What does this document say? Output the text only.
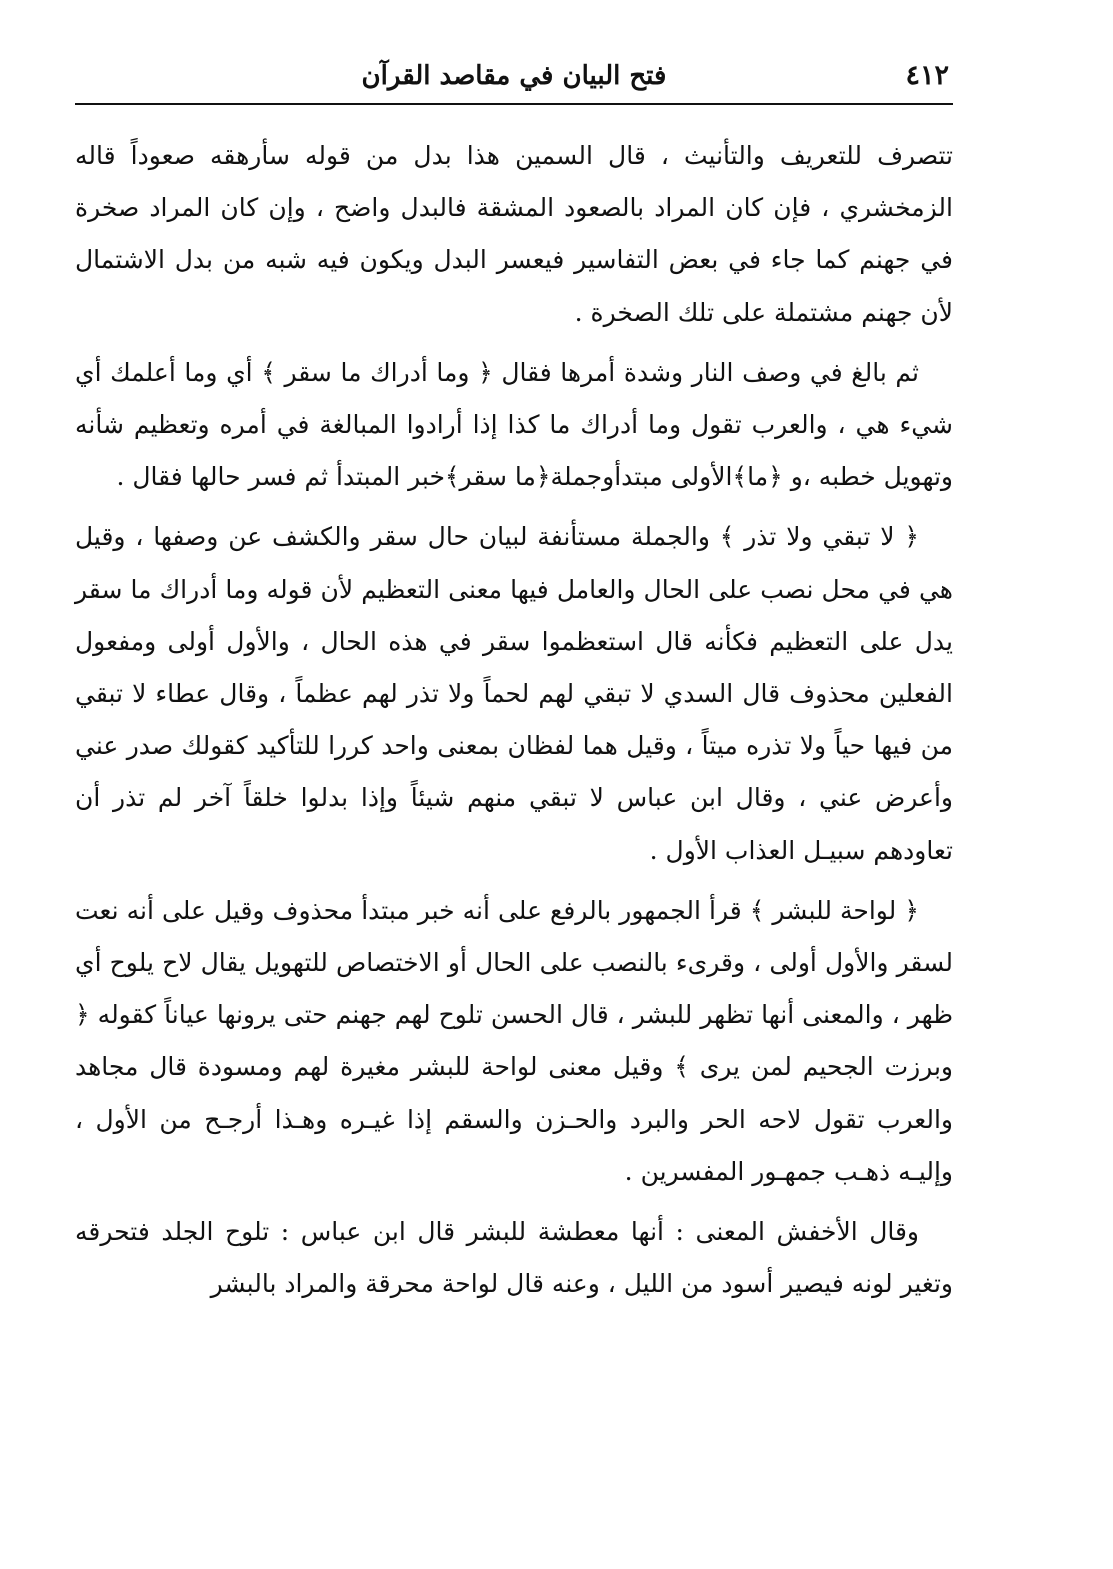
٤١٢
فتح البيان في مقاصد القرآن

تتصرف للتعريف والتأنيث ، قال السمين هذا بدل من قوله سأرهقه صعوداً قاله الزمخشري ، فإن كان المراد بالصعود المشقة فالبدل واضح ، وإن كان المراد صخرة في جهنم كما جاء في بعض التفاسير فيعسر البدل ويكون فيه شبه من بدل الاشتمال لأن جهنم مشتملة على تلك الصخرة .

ثم بالغ في وصف النار وشدة أمرها فقال ﴿ وما أدراك ما سقر ﴾ أي وما أعلمك أي شيء هي ، والعرب تقول وما أدراك ما كذا إذا أرادوا المبالغة في أمره وتعظيم شأنه وتهويل خطبه ،و ﴿ما﴾الأولى مبتدأوجملة﴿ما سقر﴾خبر المبتدأ ثم فسر حالها فقال .

﴿ لا تبقي ولا تذر ﴾ والجملة مستأنفة لبيان حال سقر والكشف عن وصفها ، وقيل هي في محل نصب على الحال والعامل فيها معنى التعظيم لأن قوله وما أدراك ما سقر يدل على التعظيم فكأنه قال استعظموا سقر في هذه الحال ، والأول أولى ومفعول الفعلين محذوف قال السدي لا تبقي لهم لحماً ولا تذر لهم عظماً ، وقال عطاء لا تبقي من فيها حياً ولا تذره ميتاً ، وقيل هما لفظان بمعنى واحد كررا للتأكيد كقولك صدر عني وأعرض عني ، وقال ابن عباس لا تبقي منهم شيئاً وإذا بدلوا خلقاً آخر لم تذر أن تعاودهم سبيـل العذاب الأول .

﴿ لواحة للبشر ﴾ قرأ الجمهور بالرفع على أنه خبر مبتدأ محذوف وقيل على أنه نعت لسقر والأول أولى ، وقرىء بالنصب على الحال أو الاختصاص للتهويل يقال لاح يلوح أي ظهر ، والمعنى أنها تظهر للبشر ، قال الحسن تلوح لهم جهنم حتى يرونها عياناً كقوله ﴿ وبرزت الجحيم لمن يرى ﴾ وقيل معنى لواحة للبشر مغيرة لهم ومسودة قال مجاهد والعرب تقول لاحه الحر والبرد والحـزن والسقم إذا غيـره وهـذا أرجـح من الأول ، وإليـه ذهـب جمهـور المفسرين .

وقال الأخفش المعنى : أنها معطشة للبشر قال ابن عباس : تلوح الجلد فتحرقه وتغير لونه فيصير أسود من الليل ، وعنه قال لواحة محرقة والمراد بالبشر
